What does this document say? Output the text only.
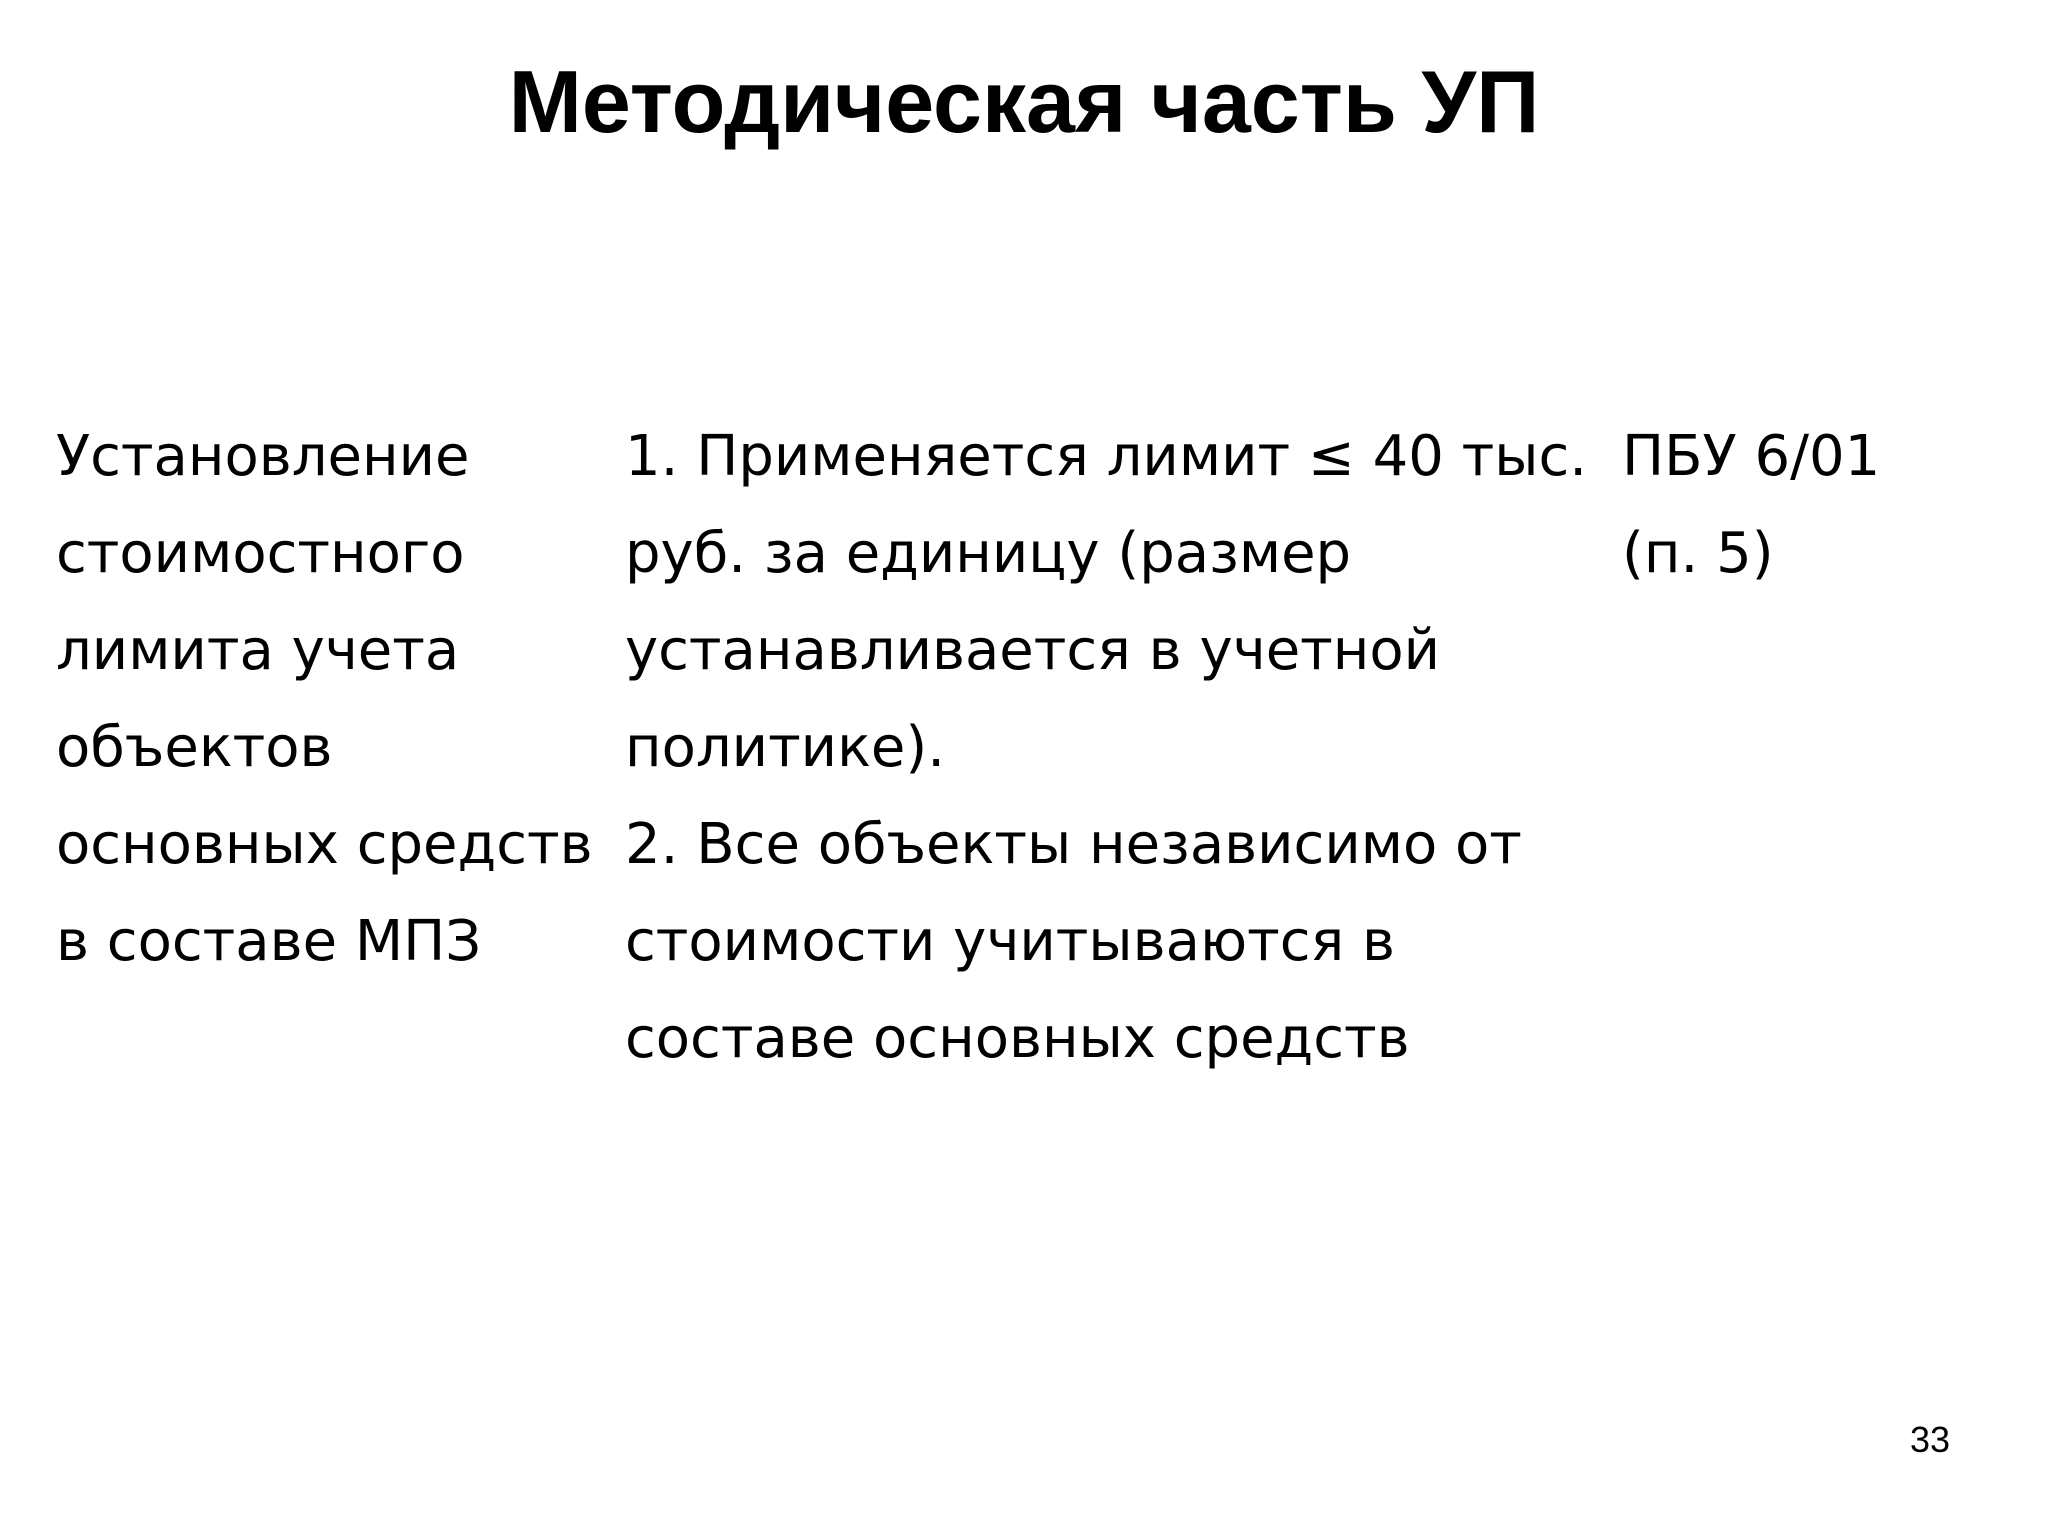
Методическая часть УП
Установление
стоимостного
лимита учета
объектов
основных средств
в составе МПЗ
1. Применяется лимит ≤ 40 тыс.
руб. за единицу (размер
устанавливается в учетной
политике).
2. Все объекты независимо от
стоимости учитываются в
составе основных средств
ПБУ 6/01
(п. 5)
33
